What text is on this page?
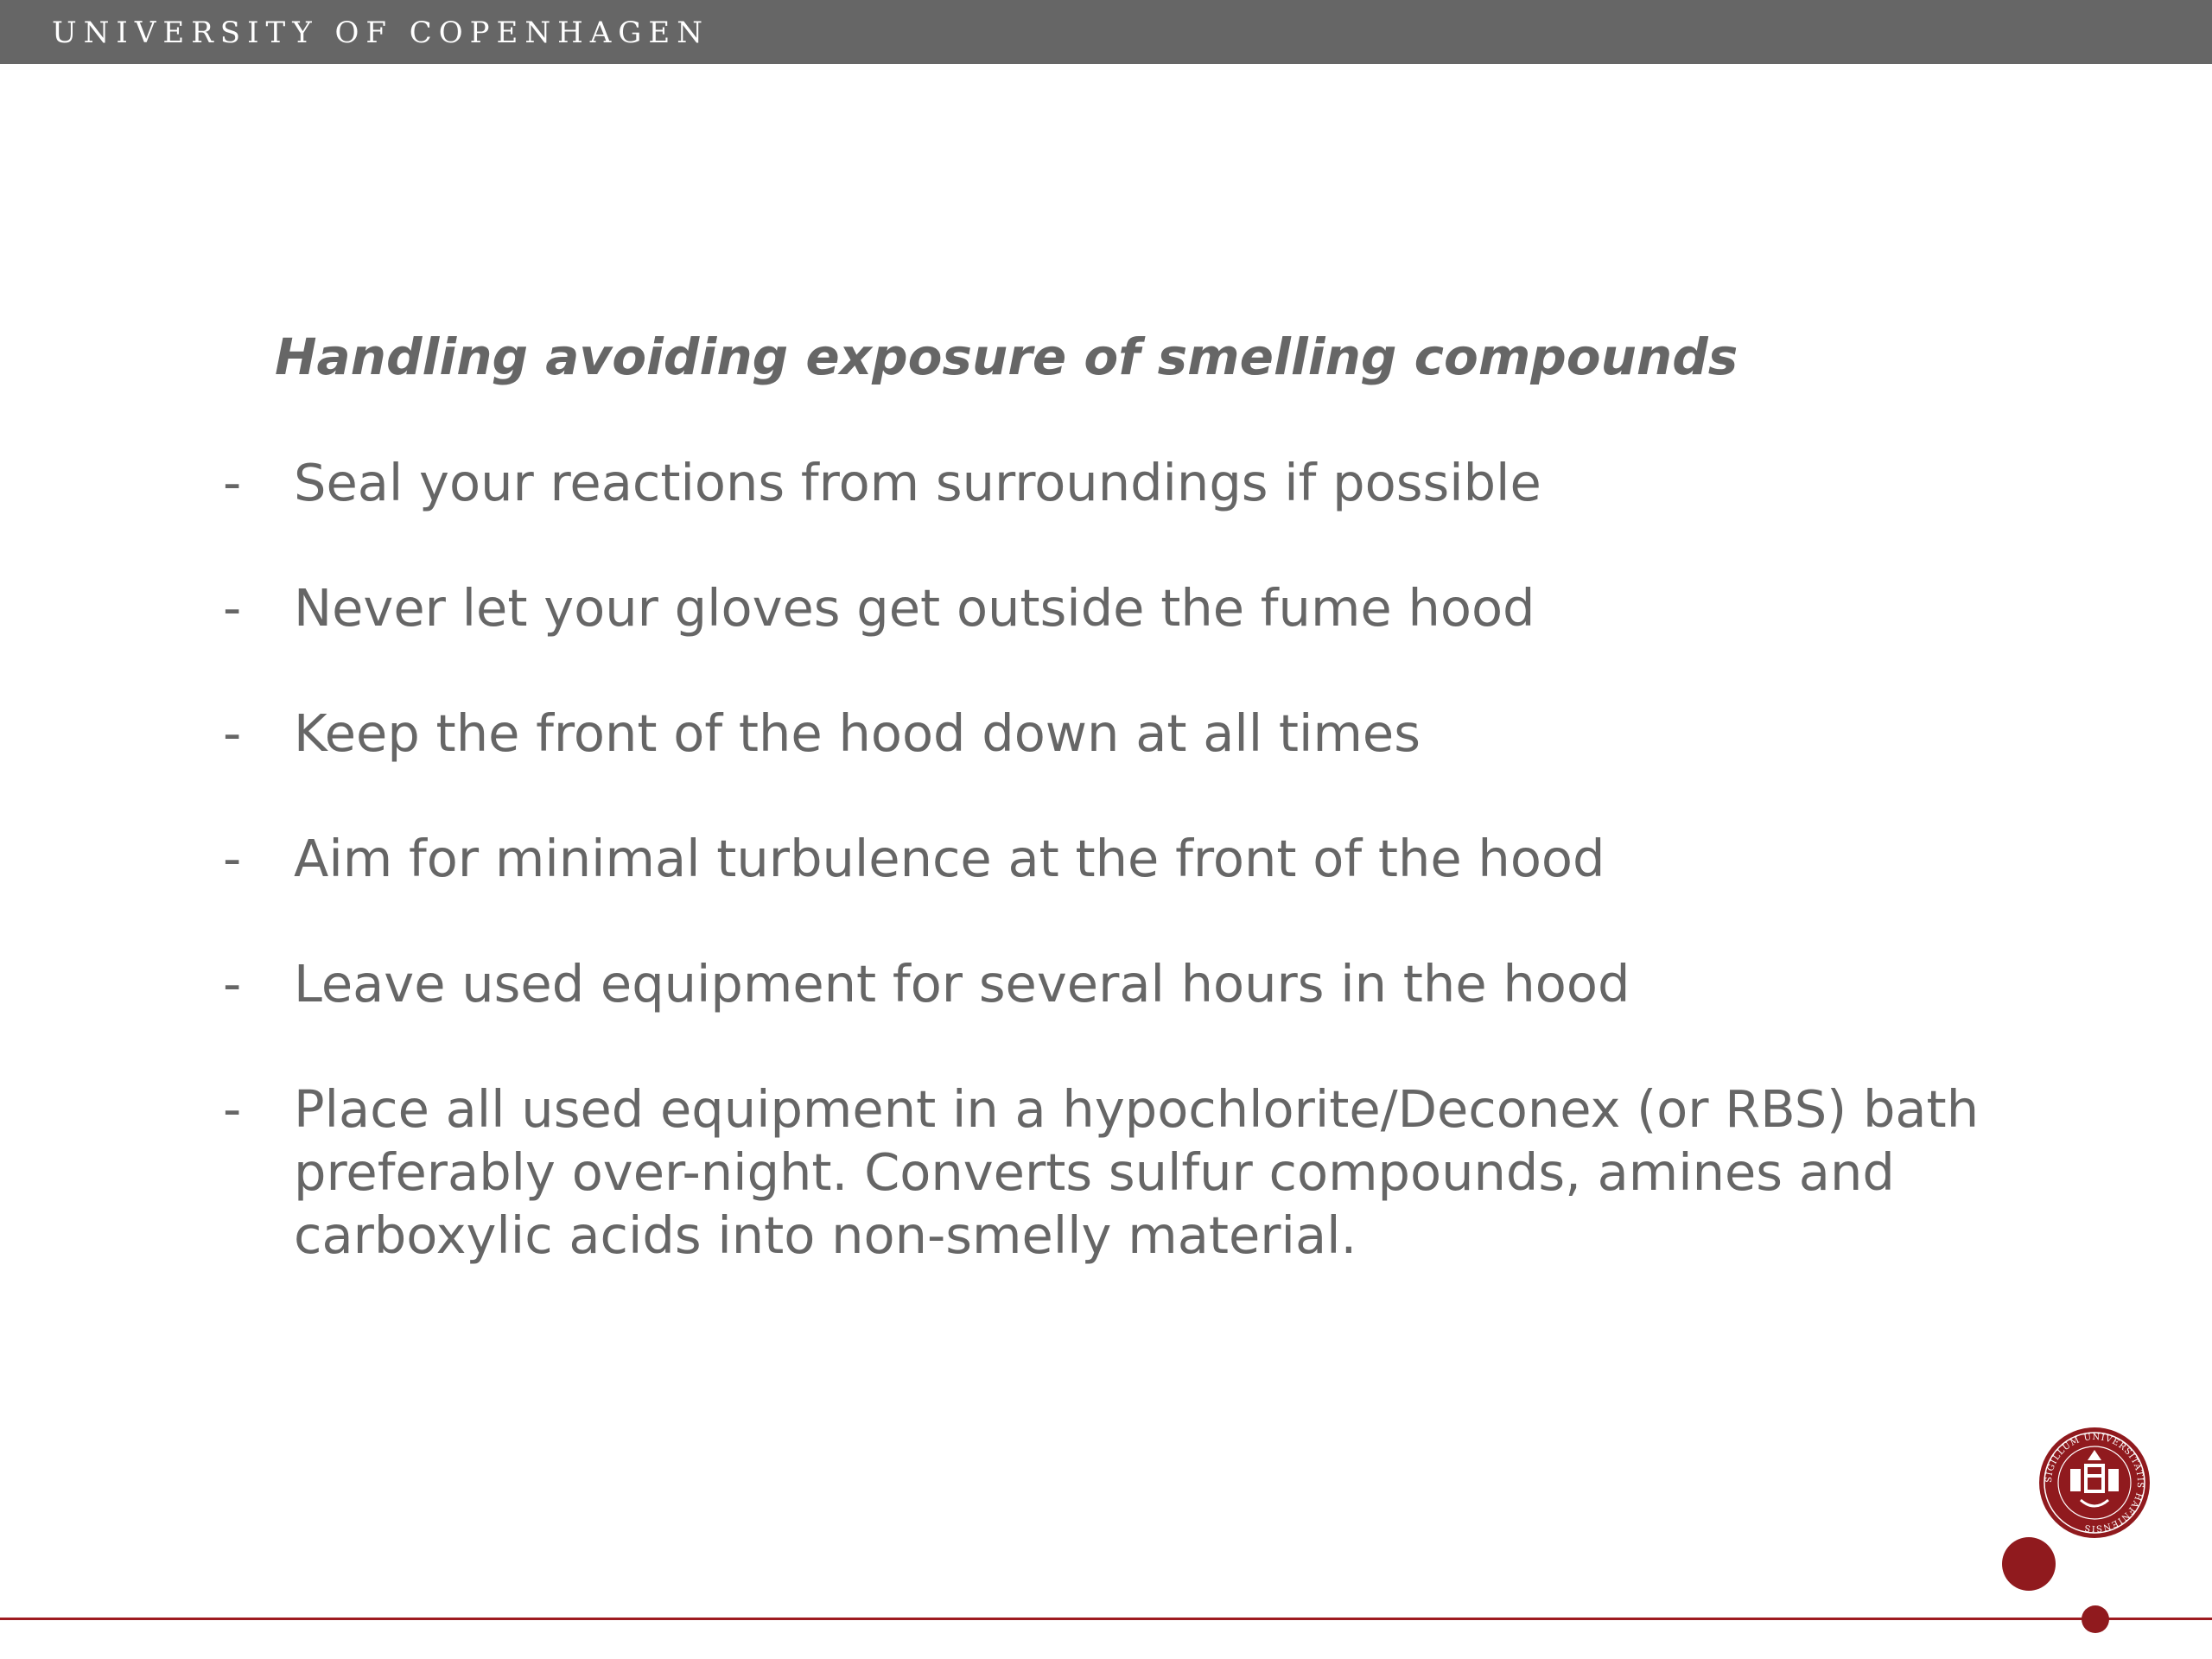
UNIVERSITY OF COPENHAGEN
Handling avoiding exposure of smelling compounds
-	Seal your reactions from surroundings if possible
-	Never let your gloves get outside the fume hood
-	Keep the front of the hood down at all times
-	Aim for minimal turbulence at the front of the hood
-	Leave used equipment for several hours in the hood
-	Place all used equipment in a hypochlorite/Deconex (or RBS) bath preferably over-night. Converts sulfur compounds, amines and carboxylic acids into non-smelly material.
SIGILLUM UNIVERSITATIS HAFNIENSIS
